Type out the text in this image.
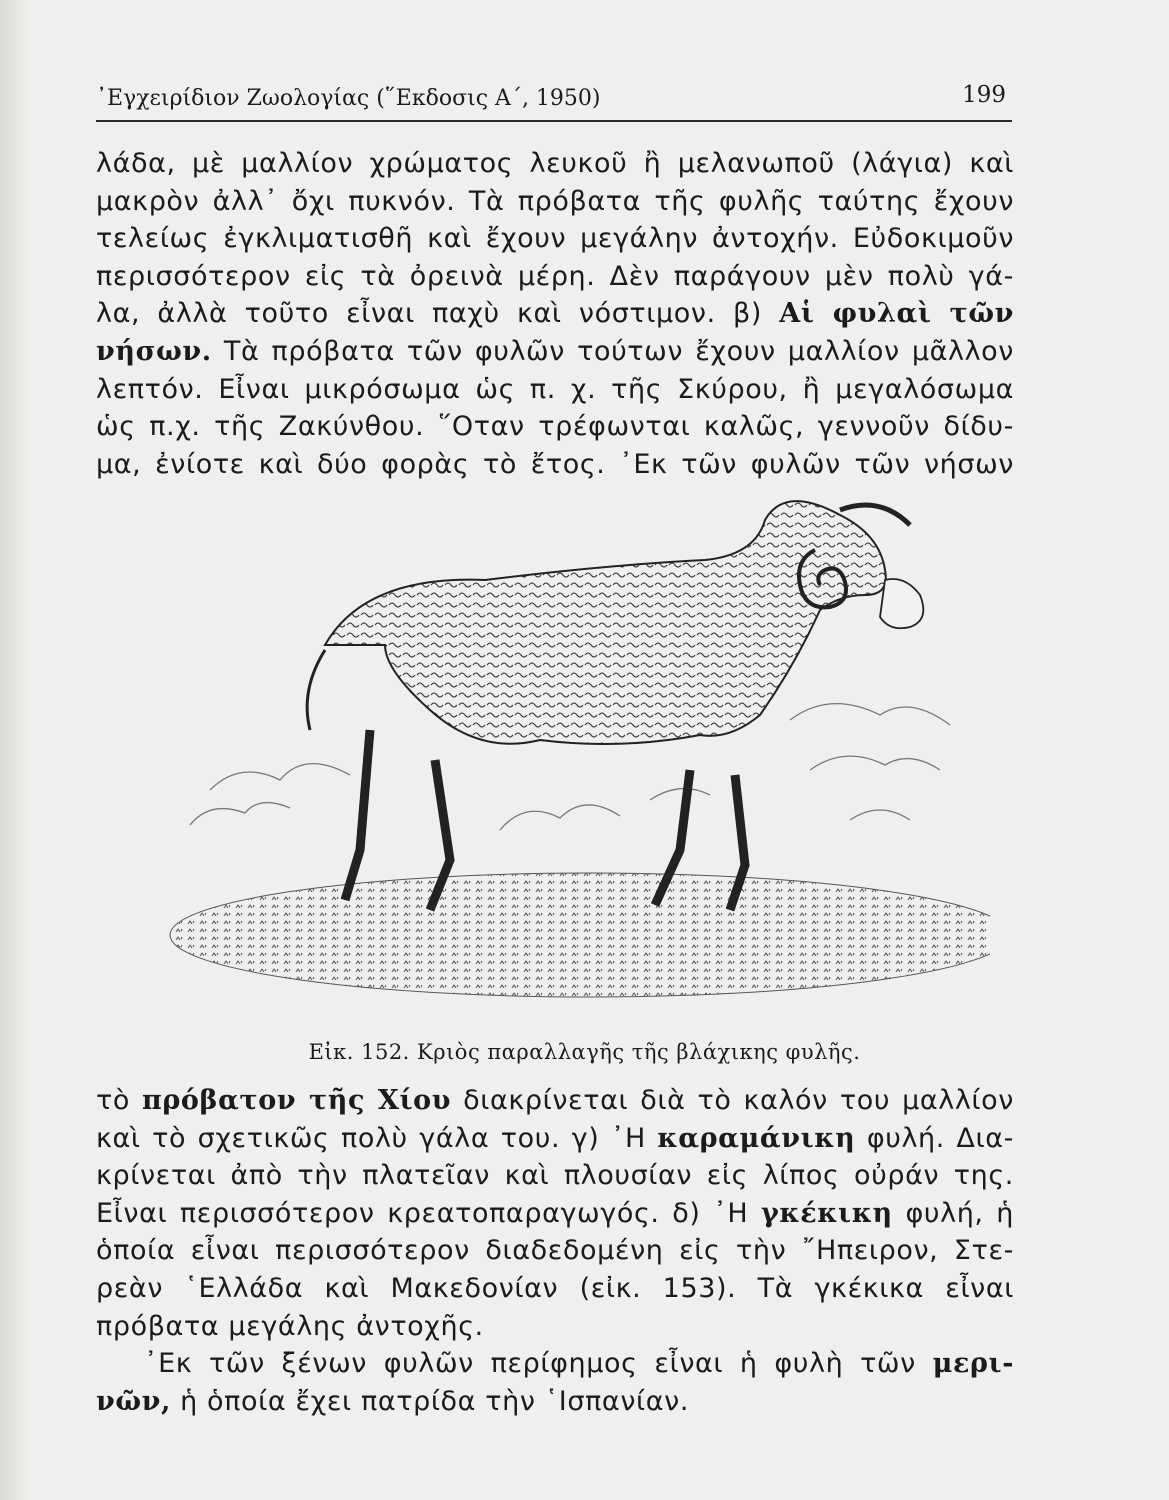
᾿Εγχειρίδιον Ζωολογίας (῞Εκδοσις Α΄, 1950)	199
λάδα, μὲ μαλλίον χρώματος λευκοῦ ἢ μελανωποῦ (λάγια) καὶ
μακρὸν ἀλλ᾿ ὄχι πυκνόν. Τὰ πρόβατα τῆς φυλῆς ταύτης ἔχουν
τελείως ἐγκλιματισθῆ καὶ ἔχουν μεγάλην ἀντοχήν. Εὐδοκιμοῦν
περισσότερον εἰς τὰ ὀρεινὰ μέρη. Δὲν παράγουν μὲν πολὺ γά-
λα, ἀλλὰ τοῦτο εἶναι παχὺ καὶ νόστιμον. β) Αἱ φυλαὶ τῶν
νήσων. Τὰ πρόβατα τῶν φυλῶν τούτων ἔχουν μαλλίον μᾶλλον
λεπτόν. Εἶναι μικρόσωμα ὡς π. χ. τῆς Σκύρου, ἢ μεγαλόσωμα
ὡς π.χ. τῆς Ζακύνθου. ῞Οταν τρέφωνται καλῶς, γεννοῦν δίδυ-
μα, ἐνίοτε καὶ δύο φορὰς τὸ ἔτος. ᾿Εκ τῶν φυλῶν τῶν νήσων
Εἰκ. 152. Κριὸς παραλλαγῆς τῆς βλάχικης φυλῆς.
τὸ πρόβατον τῆς Χίου διακρίνεται διὰ τὸ καλόν του μαλλίον
καὶ τὸ σχετικῶς πολὺ γάλα του. γ) ᾿Η καραμάνικη φυλή. Δια-
κρίνεται ἀπὸ τὴν πλατεῖαν καὶ πλουσίαν εἰς λίπος οὐράν της.
Εἶναι περισσότερον κρεατοπαραγωγός. δ) ᾿Η γκέκικη φυλή, ἡ
ὁποία εἶναι περισσότερον διαδεδομένη εἰς τὴν ῎Ηπειρον, Στε-
ρεὰν ῾Ελλάδα καὶ Μακεδονίαν (εἰκ. 153). Τὰ γκέκικα εἶναι
πρόβατα μεγάλης ἀντοχῆς.
᾿Εκ τῶν ξένων φυλῶν περίφημος εἶναι ἡ φυλὴ τῶν μερι-
νῶν, ἡ ὁποία ἔχει πατρίδα τὴν ῾Ισπανίαν.
